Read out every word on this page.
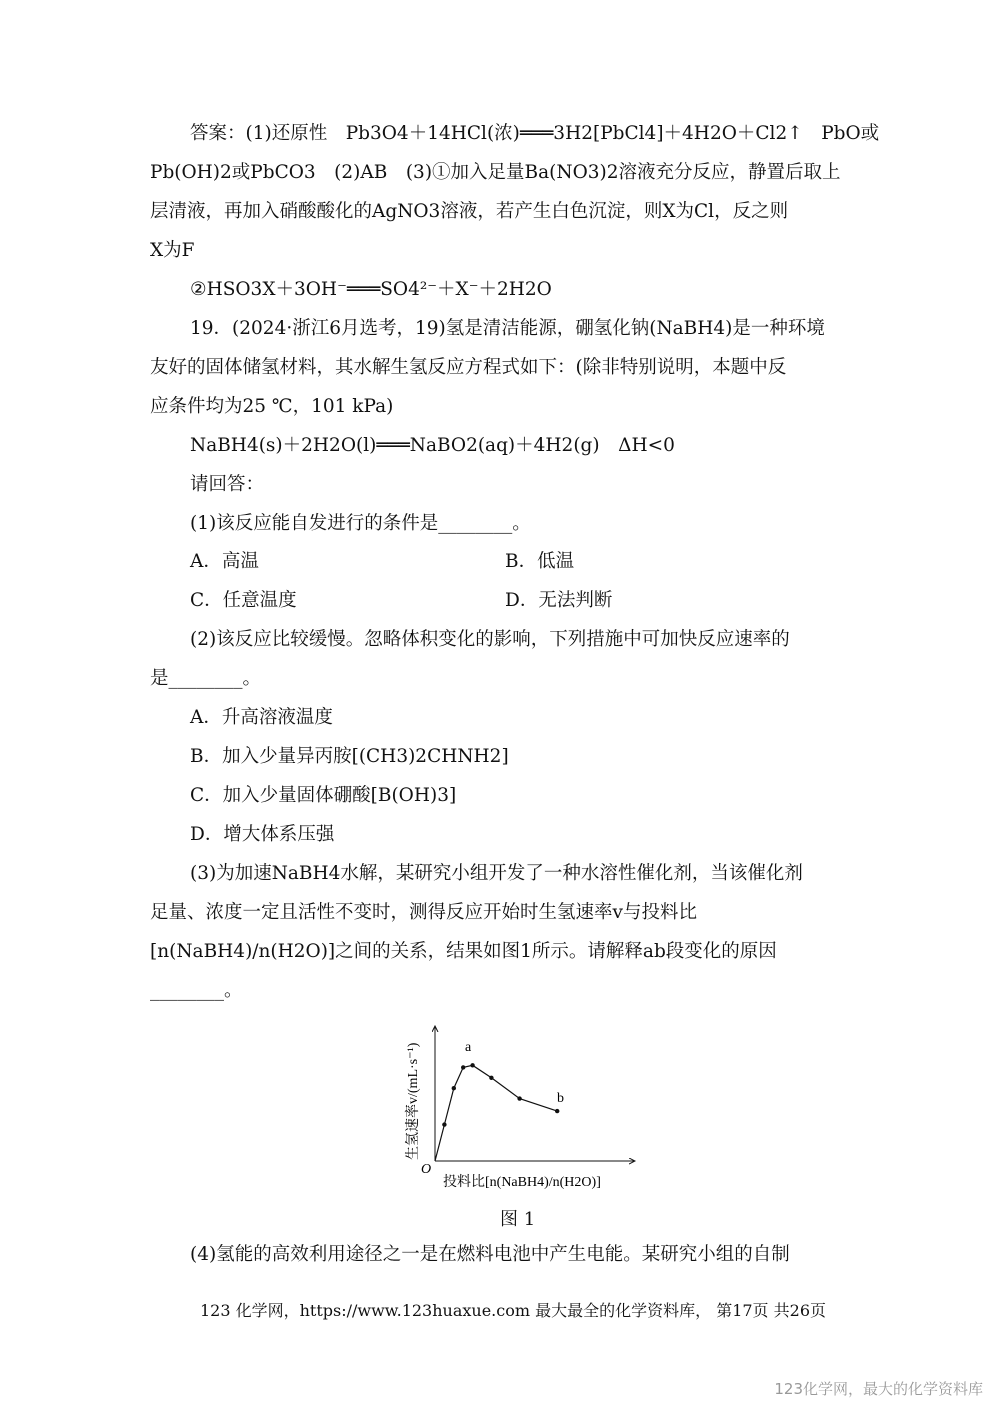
答案：(1)还原性　Pb3O4＋14HCl(浓)═══3H2[PbCl4]＋4H2O＋Cl2↑　PbO或
Pb(OH)2或PbCO3　(2)AB　(3)①加入足量Ba(NO3)2溶液充分反应，静置后取上
层清液，再加入硝酸酸化的AgNO3溶液，若产生白色沉淀，则X为Cl，反之则
X为F
②HSO3X＋3OH⁻═══SO4²⁻＋X⁻＋2H2O
19．(2024·浙江6月选考，19)氢是清洁能源，硼氢化钠(NaBH4)是一种环境
友好的固体储氢材料，其水解生氢反应方程式如下：(除非特别说明，本题中反
应条件均为25 ℃，101 kPa)
NaBH4(s)＋2H2O(l)═══NaBO2(aq)＋4H2(g)　ΔH<0
请回答：
(1)该反应能自发进行的条件是________。
A．高温	B．低温
C．任意温度	D．无法判断
(2)该反应比较缓慢。忽略体积变化的影响，下列措施中可加快反应速率的
是________。
A．升高溶液温度
B．加入少量异丙胺[(CH3)2CHNH2]
C．加入少量固体硼酸[B(OH)3]
D．增大体系压强
(3)为加速NaBH4水解，某研究小组开发了一种水溶性催化剂，当该催化剂
足量、浓度一定且活性不变时，测得反应开始时生氢速率v与投料比
[n(NaBH4)/n(H2O)]之间的关系，结果如图1所示。请解释ab段变化的原因
________。
a
b
O
生氢速率v/(mL·s⁻¹)
投料比[n(NaBH4)/n(H2O)]
图 1
(4)氢能的高效利用途径之一是在燃料电池中产生电能。某研究小组的自制
123 化学网，https://www.123huaxue.com 最大最全的化学资料库， 第17页 共26页
123化学网，最大的化学资料库
